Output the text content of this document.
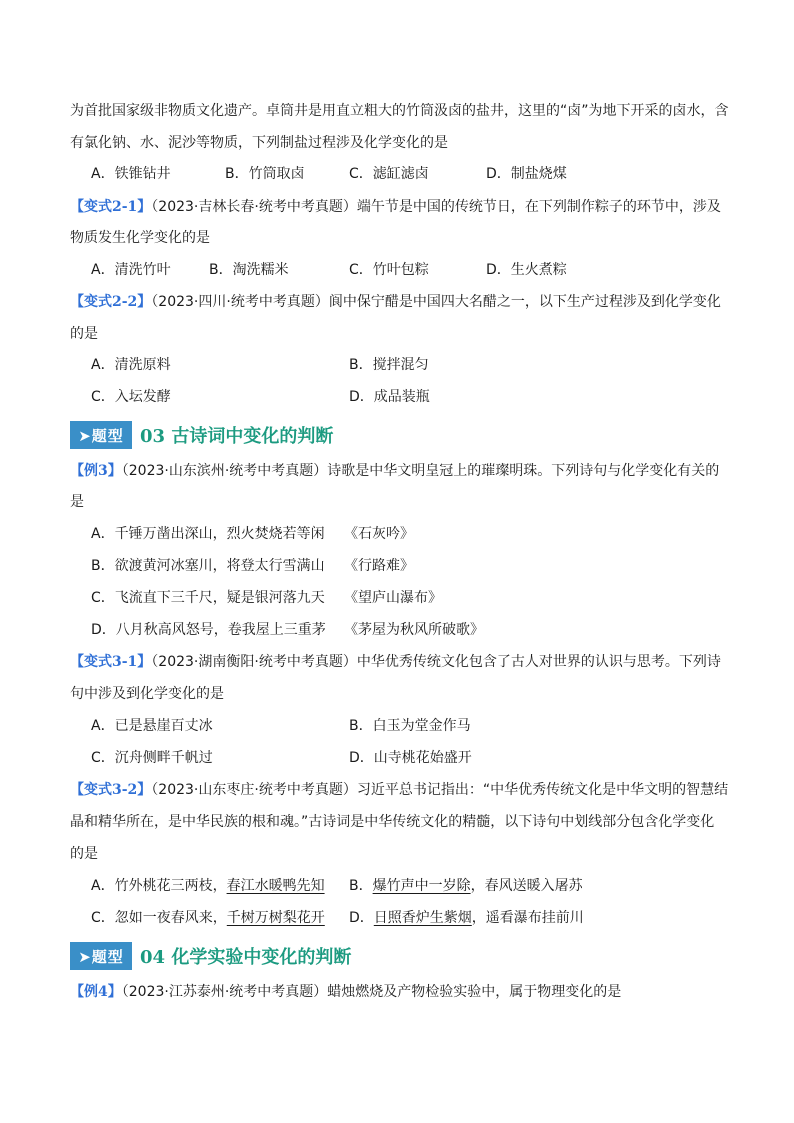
为首批国家级非物质文化遗产。卓筒井是用直立粗大的竹筒汲卤的盐井，这里的“卤”为地下开采的卤水，含
有氯化钠、水、泥沙等物质，下列制盐过程涉及化学变化的是
A．铁锥钻井	B．竹筒取卤	C．滤缸滤卤	D．制盐烧煤
【变式2-1】（2023·吉林长春·统考中考真题）端午节是中国的传统节日，在下列制作粽子的环节中，涉及
物质发生化学变化的是
A．清洗竹叶	B．淘洗糯米	C．竹叶包粽	D．生火煮粽
【变式2-2】（2023·四川·统考中考真题）阆中保宁醋是中国四大名醋之一，以下生产过程涉及到化学变化
的是
A．清洗原料	B．搅拌混匀
C．入坛发酵	D．成品装瓶
➤题型 03 古诗词中变化的判断
【例3】（2023·山东滨州·统考中考真题）诗歌是中华文明皇冠上的璀璨明珠。下列诗句与化学变化有关的
是
A．千锤万凿出深山，烈火焚烧若等闲 《石灰吟》
B．欲渡黄河冰塞川，将登太行雪满山 《行路难》
C．飞流直下三千尺，疑是银河落九天 《望庐山瀑布》
D．八月秋高风怒号，卷我屋上三重茅 《茅屋为秋风所破歌》
【变式3-1】（2023·湖南衡阳·统考中考真题）中华优秀传统文化包含了古人对世界的认识与思考。下列诗
句中涉及到化学变化的是
A．已是悬崖百丈冰	B．白玉为堂金作马
C．沉舟侧畔千帆过	D．山寺桃花始盛开
【变式3-2】（2023·山东枣庄·统考中考真题）习近平总书记指出：“中华优秀传统文化是中华文明的智慧结
晶和精华所在，是中华民族的根和魂。”古诗词是中华传统文化的精髓，以下诗句中划线部分包含化学变化
的是
A．竹外桃花三两枝，春江水暖鸭先知 B．爆竹声中一岁除，春风送暖入屠苏
C．忽如一夜春风来，千树万树梨花开 D．日照香炉生紫烟，遥看瀑布挂前川
➤题型 04 化学实验中变化的判断
【例4】（2023·江苏泰州·统考中考真题）蜡烛燃烧及产物检验实验中，属于物理变化的是
